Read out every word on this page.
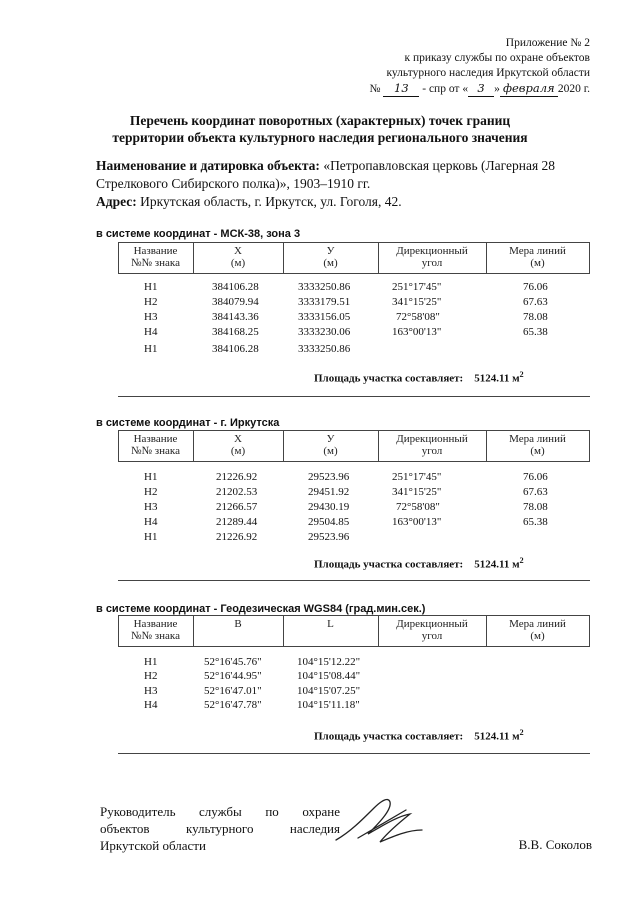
Приложение № 2
к приказу службы по охране объектов
культурного наследия Иркутской области
№ 13 - спр от « 3 » февраля 2020 г.
Перечень координат поворотных (характерных) точек границ
территории объекта культурного наследия регионального значения
Наименование и датировка объекта: «Петропавловская церковь (Лагерная 28 Стрелкового Сибирского полка)», 1903–1910 гг.
Адрес: Иркутская область, г. Иркутск, ул. Гоголя, 42.
в системе координат - МСК-38, зона 3
Название
№№ знака
X
(м)
У
(м)
Дирекционный
угол
Мера линий
(м)
Н1	384106.28	3333250.86	251°17'45"	76.06
Н2	384079.94	3333179.51	341°15'25"	67.63
Н3	384143.36	3333156.05	72°58'08"	78.08
Н4	384168.25	3333230.06	163°00'13"	65.38
Н1	384106.28	3333250.86
Площадь участка составляет: 5124.11 $м^2$
в системе координат - г. Иркутска
Название
№№ знака
X
(м)
У
(м)
Дирекционный
угол
Мера линий
(м)
Н1	21226.92	29523.96	251°17'45"	76.06
Н2	21202.53	29451.92	341°15'25"	67.63
Н3	21266.57	29430.19	72°58'08"	78.08
Н4	21289.44	29504.85	163°00'13"	65.38
Н1	21226.92	29523.96
Площадь участка составляет: 5124.11 $м^2$
в системе координат - Геодезическая WGS84 (град.мин.сек.)
Название
№№ знака
B	L	Дирекционный
угол
Мера линий
(м)
Н1	52°16'45.76"	104°15'12.22"
Н2	52°16'44.95"	104°15'08.44"
Н3	52°16'47.01"	104°15'07.25"
Н4	52°16'47.78"	104°15'11.18"
Площадь участка составляет: 5124.11 $м^2$
Руководитель службы по охране
объектов	культурного	наследия
Иркутской области	В.В. Соколов
